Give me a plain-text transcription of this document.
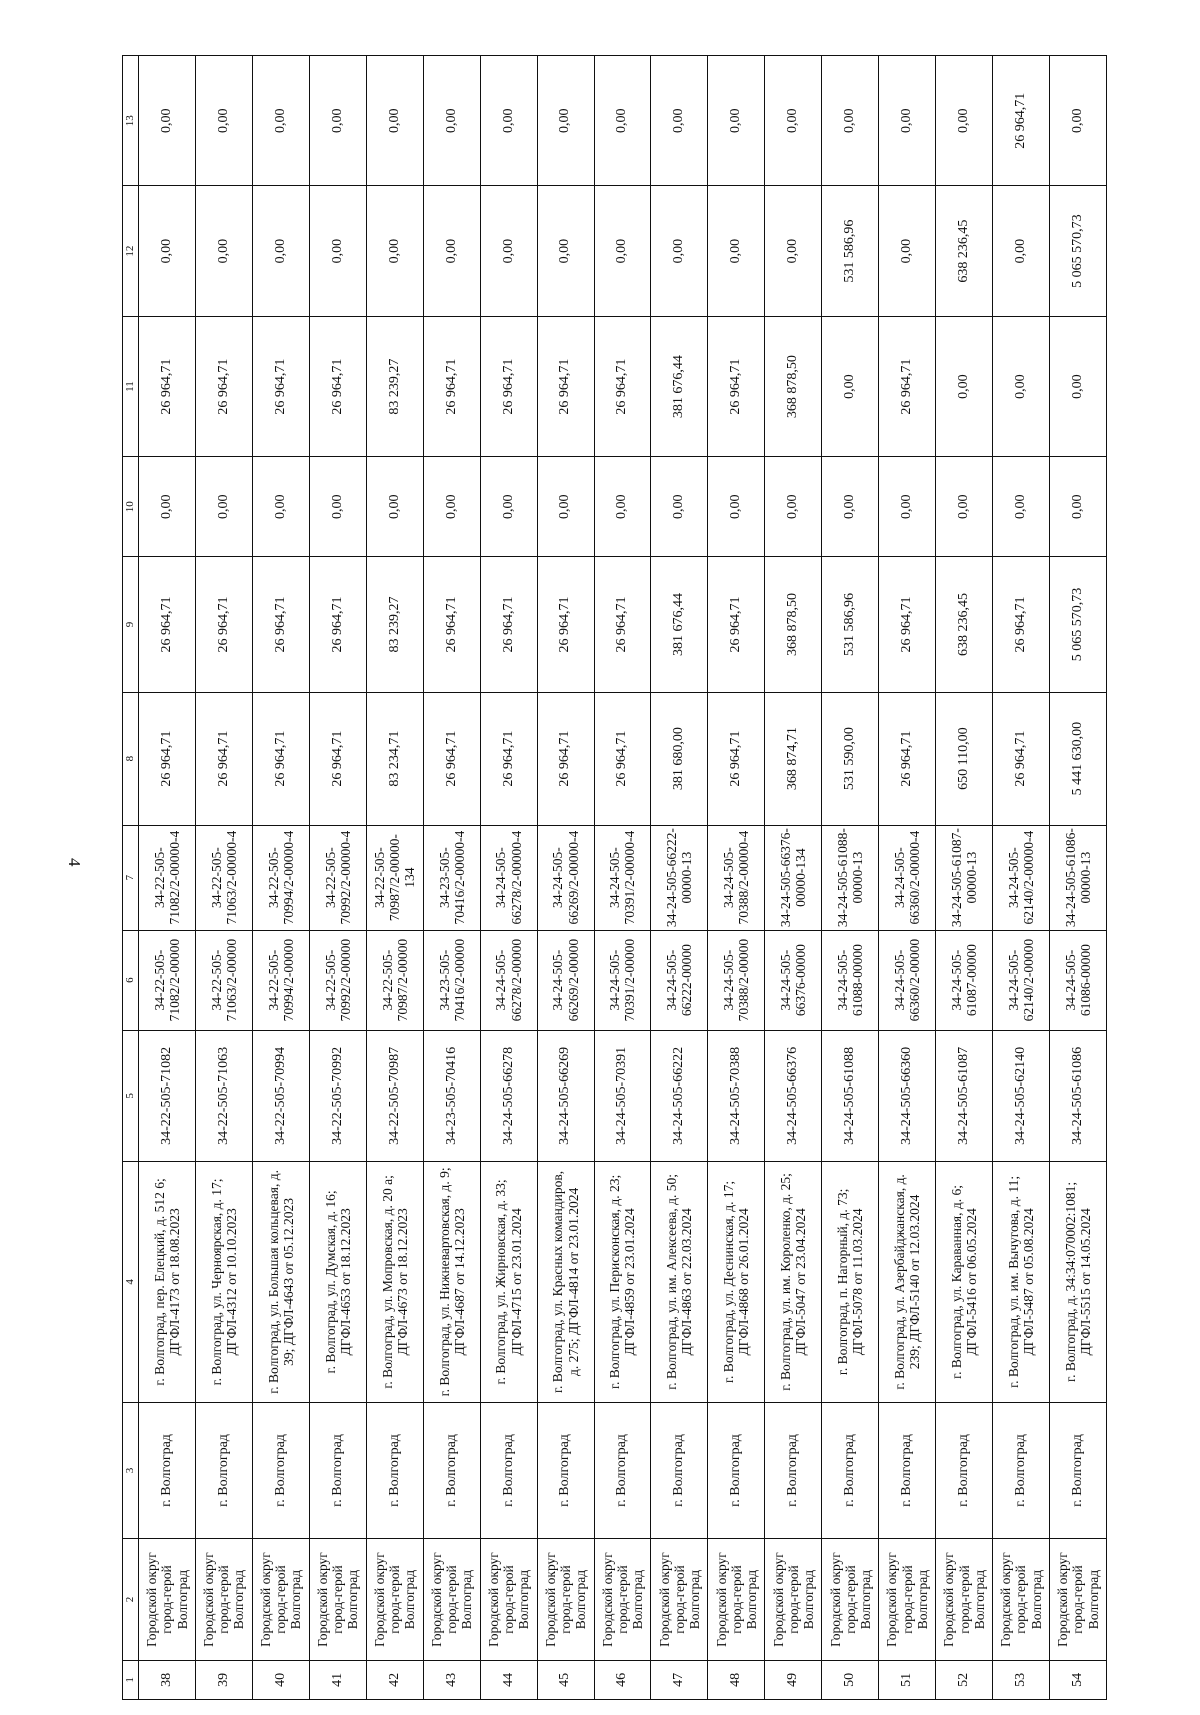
4
1	2	3	4	5	6	7	8	9	10	11	12	13
38	Городской округ город-герой Волгоград	г. Волгоград	г. Волгоград, пер. Елецкий, д. 512 6; ДГФЛ-4173 от 18.08.2023	34-22-505-71082	34-22-505-71082/2-00000	34-22-505-71082/2-00000-4	26 964,71	26 964,71	0,00	26 964,71	0,00	0,00
39	Городской округ город-герой Волгоград	г. Волгоград	г. Волгоград, ул. Черноярская, д. 17; ДГФЛ-4312 от 10.10.2023	34-22-505-71063	34-22-505-71063/2-00000	34-22-505-71063/2-00000-4	26 964,71	26 964,71	0,00	26 964,71	0,00	0,00
40	Городской округ город-герой Волгоград	г. Волгоград	г. Волгоград, ул. Большая кольцевая, д. 39; ДГФЛ-4643 от 05.12.2023	34-22-505-70994	34-22-505-70994/2-00000	34-22-505-70994/2-00000-4	26 964,71	26 964,71	0,00	26 964,71	0,00	0,00
41	Городской округ город-герой Волгоград	г. Волгоград	г. Волгоград, ул. Думская, д. 16; ДГФЛ-4653 от 18.12.2023	34-22-505-70992	34-22-505-70992/2-00000	34-22-505-70992/2-00000-4	26 964,71	26 964,71	0,00	26 964,71	0,00	0,00
42	Городской округ город-герой Волгоград	г. Волгоград	г. Волгоград, ул. Мопровская, д. 20 а; ДГФЛ-4673 от 18.12.2023	34-22-505-70987	34-22-505-70987/2-00000	34-22-505-70987/2-00000-134	83 234,71	83 239,27	0,00	83 239,27	0,00	0,00
43	Городской округ город-герой Волгоград	г. Волгоград	г. Волгоград, ул. Нижневартовская, д. 9; ДГФЛ-4687 от 14.12.2023	34-23-505-70416	34-23-505-70416/2-00000	34-23-505-70416/2-00000-4	26 964,71	26 964,71	0,00	26 964,71	0,00	0,00
44	Городской округ город-герой Волгоград	г. Волгоград	г. Волгоград, ул. Жирновская, д. 33; ДГФЛ-4715 от 23.01.2024	34-24-505-66278	34-24-505-66278/2-00000	34-24-505-66278/2-00000-4	26 964,71	26 964,71	0,00	26 964,71	0,00	0,00
45	Городской округ город-герой Волгоград	г. Волгоград	г. Волгоград, ул. Красных командиров, д. 275; ДГФЛ-4814 от 23.01.2024	34-24-505-66269	34-24-505-66269/2-00000	34-24-505-66269/2-00000-4	26 964,71	26 964,71	0,00	26 964,71	0,00	0,00
46	Городской округ город-герой Волгоград	г. Волгоград	г. Волгоград, ул. Перисконская, д. 23; ДГФЛ-4859 от 23.01.2024	34-24-505-70391	34-24-505-70391/2-00000	34-24-505-70391/2-00000-4	26 964,71	26 964,71	0,00	26 964,71	0,00	0,00
47	Городской округ город-герой Волгоград	г. Волгоград	г. Волгоград, ул. им. Алексеева, д. 50; ДГФЛ-4863 от 22.03.2024	34-24-505-66222	34-24-505-66222-00000	34-24-505-66222-00000-13	381 680,00	381 676,44	0,00	381 676,44	0,00	0,00
48	Городской округ город-герой Волгоград	г. Волгоград	г. Волгоград, ул. Деснинская, д. 17; ДГФЛ-4868 от 26.01.2024	34-24-505-70388	34-24-505-70388/2-00000	34-24-505-70388/2-00000-4	26 964,71	26 964,71	0,00	26 964,71	0,00	0,00
49	Городской округ город-герой Волгоград	г. Волгоград	г. Волгоград, ул. им. Короленко, д. 25; ДГФЛ-5047 от 23.04.2024	34-24-505-66376	34-24-505-66376-00000	34-24-505-66376-00000-134	368 874,71	368 878,50	0,00	368 878,50	0,00	0,00
50	Городской округ город-герой Волгоград	г. Волгоград	г. Волгоград, п. Нагорный, д. 73; ДГФЛ-5078 от 11.03.2024	34-24-505-61088	34-24-505-61088-00000	34-24-505-61088-00000-13	531 590,00	531 586,96	0,00	0,00	531 586,96	0,00
51	Городской округ город-герой Волгоград	г. Волгоград	г. Волгоград, ул. Азербайджанская, д. 239; ДГФЛ-5140 от 12.03.2024	34-24-505-66360	34-24-505-66360/2-00000	34-24-505-66360/2-00000-4	26 964,71	26 964,71	0,00	26 964,71	0,00	0,00
52	Городской округ город-герой Волгоград	г. Волгоград	г. Волгоград, ул. Караванная, д. 6; ДГФЛ-5416 от 06.05.2024	34-24-505-61087	34-24-505-61087-00000	34-24-505-61087-00000-13	650 110,00	638 236,45	0,00	0,00	638 236,45	0,00
53	Городской округ город-герой Волгоград	г. Волгоград	г. Волгоград, ул. им. Вычугова, д. 11; ДГФЛ-5487 от 05.08.2024	34-24-505-62140	34-24-505-62140/2-00000	34-24-505-62140/2-00000-4	26 964,71	26 964,71	0,00	0,00	0,00	26 964,71
54	Городской округ город-герой Волгоград	г. Волгоград	г. Волгоград, д. 34:34:070002:1081; ДГФЛ-5515 от 14.05.2024	34-24-505-61086	34-24-505-61086-00000	34-24-505-61086-00000-13	5 441 630,00	5 065 570,73	0,00	0,00	5 065 570,73	0,00
